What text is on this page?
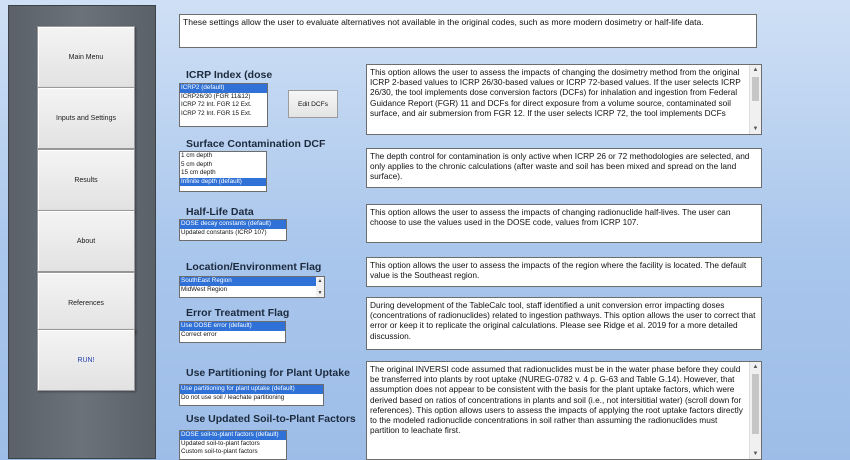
Main Menu
Inputs and Settings
Results
About
References
RUN!
These settings allow the user to evaluate alternatives not available in the original codes, such as more modern dosimetry or half-life data.
ICRP Index (dose
ICRP2 (default)
ICRP26/30 (FGR 11&12)
ICRP 72 Int. FGR 12 Ext.
ICRP 72 Int. FGR 15 Ext.
Edit DCFs
This option allows the user to assess the impacts of changing the dosimetry method from the original ICRP 2-based values to ICRP 26/30-based values or ICRP 72-based values. If the user selects ICRP 26/30, the tool implements dose conversion factors (DCFs) for inhalation and ingestion from Federal Guidance Report (FGR) 11 and DCFs for direct exposure from a volume source, contaminated soil surface, and air submersion from FGR 12. If the user selects ICRP 72, the tool implements DCFs
▲
▼
Surface Contamination DCF
1 cm depth
5 cm depth
15 cm depth
Infinite depth (default)
The depth control for contamination is only active when ICRP 26 or 72 methodologies are selected, and only applies to the chronic calculations (after waste and soil has been mixed and spread on the land surface).
Half-Life Data
DOSE decay constants (default)
Updated constants (ICRP 107)
This option allows the user to assess the impacts of changing radionuclide half-lives. The user can choose to use the values used in the DOSE code, values from ICRP 107.
Location/Environment Flag
SouthEast Region
MidWest Region
▲
▼
This option allows the user to assess the impacts of the region where the facility is located. The default value is the Southeast region.
Error Treatment Flag
Use DOSE error (default)
Correct error
During development of the TableCalc tool, staff identified a unit conversion error impacting doses (concentrations of radionuclides) related to ingestion pathways. This option allows the user to correct that error or keep it to replicate the original calculations. Please see Ridge et al. 2019 for a more detailed discussion.
Use Partitioning for Plant Uptake
Use partitioning for plant uptake (default)
Do not use soil / leachate partitioning
The original INVERSI code assumed that radionuclides must be in the water phase before they could be transferred into plants by root uptake (NUREG-0782 v. 4 p. G-63 and Table G.14). However, that assumption does not appear to be consistent with the basis for the plant uptake factors, which were derived based on ratios of concentrations in plants and soil (i.e., not intersititial water) (scroll down for references). This option allows users to assess the impacts of applying the root uptake factors directly to the modeled radionuclide concentrations in soil rather than assuming the radionuclides must partition to leachate first.
▲
▼
Use Updated Soil-to-Plant Factors
DOSE soil-to-plant factors (default)
Updated soil-to-plant factors
Custom soil-to-plant factors
